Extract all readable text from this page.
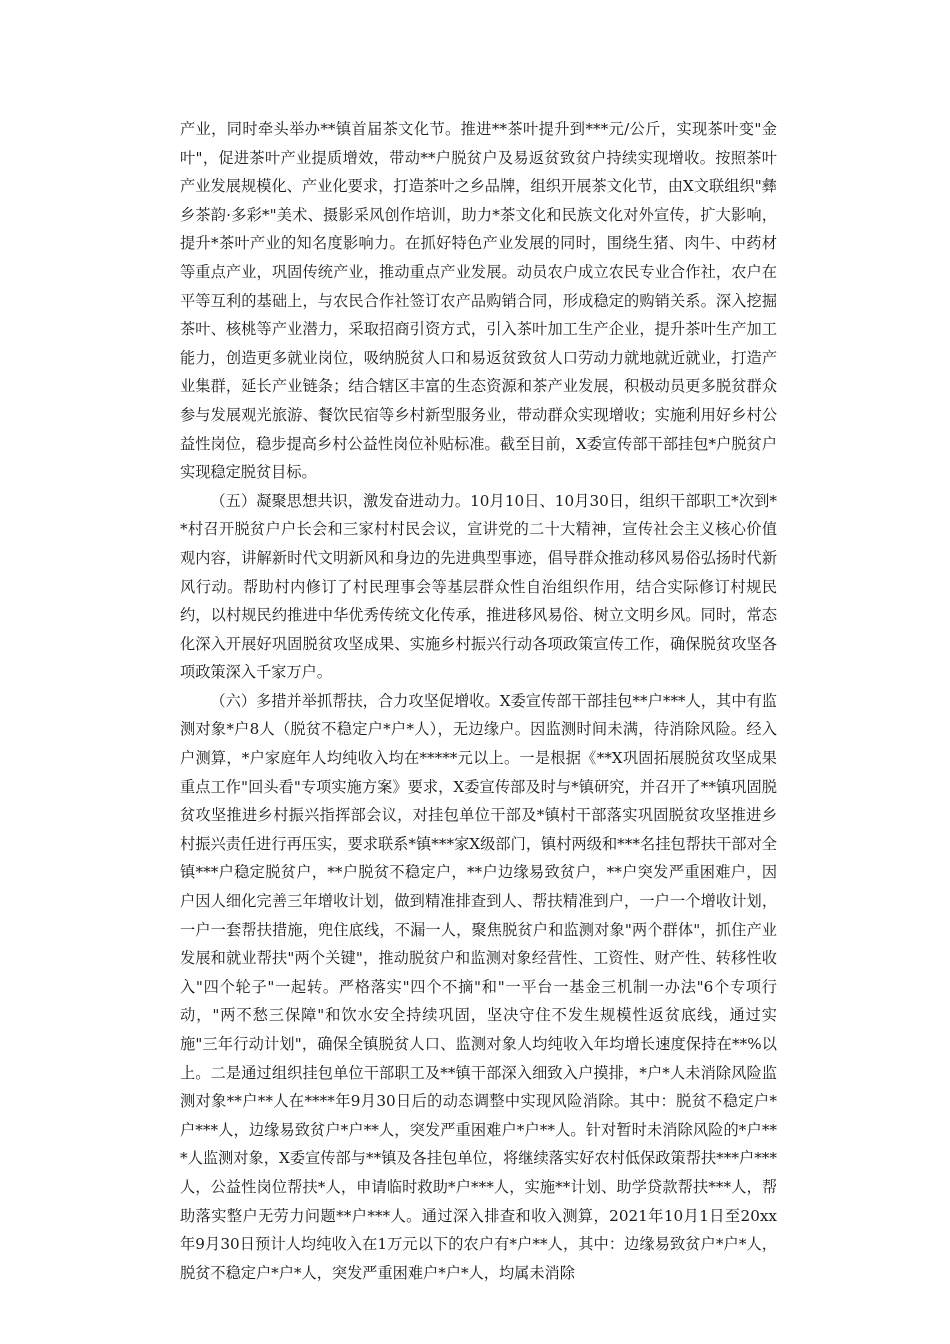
产业，同时牵头举办**镇首届茶文化节。推进**茶叶提升到***元/公斤，实现茶叶变"金叶"，促进茶叶产业提质增效，带动**户脱贫户及易返贫致贫户持续实现增收。按照茶叶产业发展规模化、产业化要求，打造茶叶之乡品牌，组织开展茶文化节，由X文联组织"彝乡茶韵·多彩*"美术、摄影采风创作培训，助力*茶文化和民族文化对外宣传，扩大影响，提升*茶叶产业的知名度影响力。在抓好特色产业发展的同时，围绕生猪、肉牛、中药材等重点产业，巩固传统产业，推动重点产业发展。动员农户成立农民专业合作社，农户在平等互利的基础上，与农民合作社签订农产品购销合同，形成稳定的购销关系。深入挖掘茶叶、核桃等产业潜力，采取招商引资方式，引入茶叶加工生产企业，提升茶叶生产加工能力，创造更多就业岗位，吸纳脱贫人口和易返贫致贫人口劳动力就地就近就业，打造产业集群，延长产业链条；结合辖区丰富的生态资源和茶产业发展，积极动员更多脱贫群众参与发展观光旅游、餐饮民宿等乡村新型服务业，带动群众实现增收；实施利用好乡村公益性岗位，稳步提高乡村公益性岗位补贴标准。截至目前，X委宣传部干部挂包*户脱贫户实现稳定脱贫目标。

（五）凝聚思想共识，激发奋进动力。10月10日、10月30日，组织干部职工*次到**村召开脱贫户户长会和三家村村民会议，宣讲党的二十大精神，宣传社会主义核心价值观内容，讲解新时代文明新风和身边的先进典型事迹，倡导群众推动移风易俗弘扬时代新风行动。帮助村内修订了村民理事会等基层群众性自治组织作用，结合实际修订村规民约，以村规民约推进中华优秀传统文化传承，推进移风易俗、树立文明乡风。同时，常态化深入开展好巩固脱贫攻坚成果、实施乡村振兴行动各项政策宣传工作，确保脱贫攻坚各项政策深入千家万户。

（六）多措并举抓帮扶，合力攻坚促增收。X委宣传部干部挂包**户***人，其中有监测对象*户8人（脱贫不稳定户*户*人），无边缘户。因监测时间未满，待消除风险。经入户测算，*户家庭年人均纯收入均在*****元以上。一是根据《**X巩固拓展脱贫攻坚成果重点工作"回头看"专项实施方案》要求，X委宣传部及时与*镇研究，并召开了**镇巩固脱贫攻坚推进乡村振兴指挥部会议，对挂包单位干部及*镇村干部落实巩固脱贫攻坚推进乡村振兴责任进行再压实，要求联系*镇***家X级部门，镇村两级和***名挂包帮扶干部对全镇***户稳定脱贫户，**户脱贫不稳定户，**户边缘易致贫户，**户突发严重困难户，因户因人细化完善三年增收计划，做到精准排查到人、帮扶精准到户，一户一个增收计划，一户一套帮扶措施，兜住底线，不漏一人，聚焦脱贫户和监测对象"两个群体"，抓住产业发展和就业帮扶"两个关键"，推动脱贫户和监测对象经营性、工资性、财产性、转移性收入"四个轮子"一起转。严格落实"四个不摘"和"一平台一基金三机制一办法"6个专项行动，"两不愁三保障"和饮水安全持续巩固，坚决守住不发生规模性返贫底线，通过实施"三年行动计划"，确保全镇脱贫人口、监测对象人均纯收入年均增长速度保持在**%以上。二是通过组织挂包单位干部职工及**镇干部深入细致入户摸排，*户*人未消除风险监测对象**户**人在****年9月30日后的动态调整中实现风险消除。其中：脱贫不稳定户*户***人，边缘易致贫户*户**人，突发严重困难户*户**人。针对暂时未消除风险的*户***人监测对象，X委宣传部与**镇及各挂包单位，将继续落实好农村低保政策帮扶***户***人，公益性岗位帮扶*人，申请临时救助*户***人，实施**计划、助学贷款帮扶***人，帮助落实整户无劳力问题**户***人。通过深入排查和收入测算，2021年10月1日至20xx年9月30日预计人均纯收入在1万元以下的农户有*户**人，其中：边缘易致贫户*户*人，脱贫不稳定户*户*人，突发严重困难户*户*人，均属未消除
